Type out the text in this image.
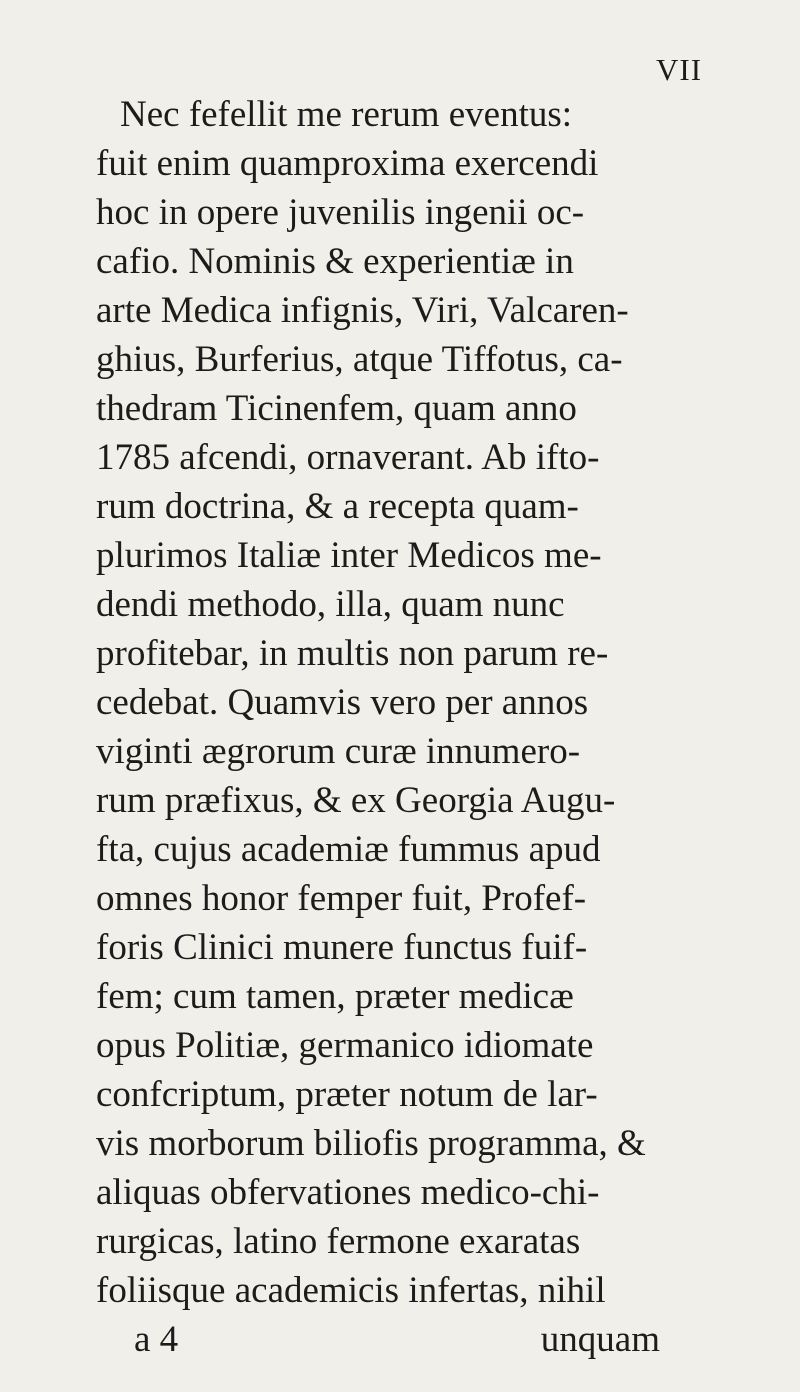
VII
Nec fefellit me rerum eventus:
fuit enim quamproxima exercendi
hoc in opere juvenilis ingenii oc-
cafio. Nominis & experientiæ in
arte Medica infignis, Viri, Valcaren-
ghius, Burferius, atque Tiffotus, ca-
thedram Ticinenfem, quam anno
1785 afcendi, ornaverant. Ab ifto-
rum doctrina, & a recepta quam-
plurimos Italiæ inter Medicos me-
dendi methodo, illa, quam nunc
profitebar, in multis non parum re-
cedebat. Quamvis vero per annos
viginti ægrorum curæ innumero-
rum præfixus, & ex Georgia Augu-
fta, cujus academiæ fummus apud
omnes honor femper fuit, Profef-
foris Clinici munere functus fuif-
fem; cum tamen, præter medicæ
opus Politiæ, germanico idiomate
confcriptum, præter notum de lar-
vis morborum biliofis programma, &
aliquas obfervationes medico-chi-
rurgicas, latino fermone exaratas
foliisque academicis infertas, nihil
a 4	unquam
